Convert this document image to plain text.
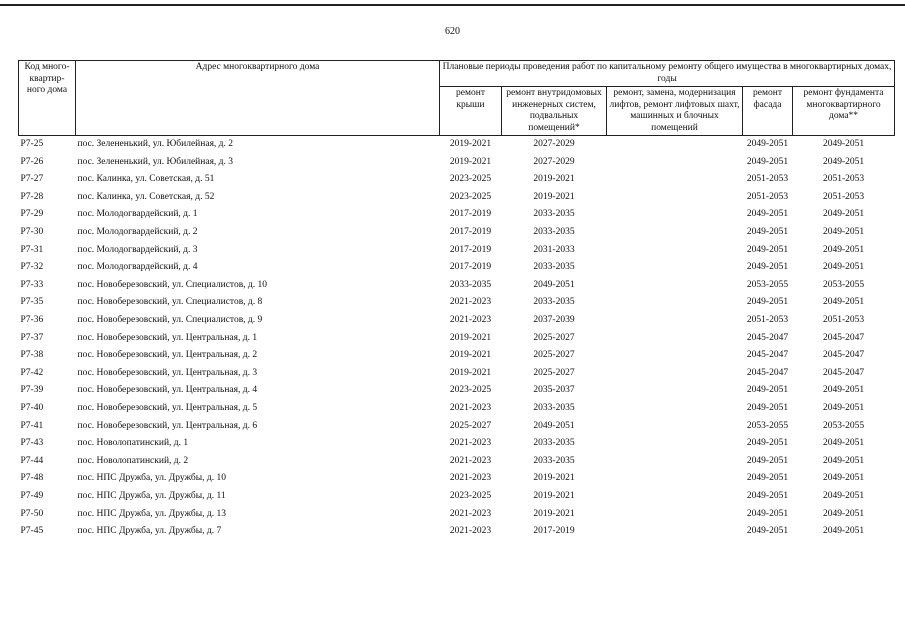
620
Код много-квартир-ного дома	Адрес многоквартирного дома	Плановые периоды проведения работ по капитальному ремонту общего имущества в многоквартирных домах, годы				
		ремонт крыши	ремонт внутридомовых инженерных систем, подвальных помещений*	ремонт, замена, модернизация лифтов, ремонт лифтовых шахт, машинных и блочных помещений	ремонт фасада	ремонт фундамента многоквартирного дома**

Р7-25	пос. Зелененький, ул. Юбилейная, д. 2	2019-2021	2027-2029		2049-2051	2049-2051
Р7-26	пос. Зелененький, ул. Юбилейная, д. 3	2019-2021	2027-2029		2049-2051	2049-2051
Р7-27	пос. Калинка, ул. Советская, д. 51	2023-2025	2019-2021		2051-2053	2051-2053
Р7-28	пос. Калинка, ул. Советская, д. 52	2023-2025	2019-2021		2051-2053	2051-2053
Р7-29	пос. Молодогвардейский, д. 1	2017-2019	2033-2035		2049-2051	2049-2051
Р7-30	пос. Молодогвардейский, д. 2	2017-2019	2033-2035		2049-2051	2049-2051
Р7-31	пос. Молодогвардейский, д. 3	2017-2019	2031-2033		2049-2051	2049-2051
Р7-32	пос. Молодогвардейский, д. 4	2017-2019	2033-2035		2049-2051	2049-2051
Р7-33	пос. Новоберезовский, ул. Специалистов, д. 10	2033-2035	2049-2051		2053-2055	2053-2055
Р7-35	пос. Новоберезовский, ул. Специалистов, д. 8	2021-2023	2033-2035		2049-2051	2049-2051
Р7-36	пос. Новоберезовский, ул. Специалистов, д. 9	2021-2023	2037-2039		2051-2053	2051-2053
Р7-37	пос. Новоберезовский, ул. Центральная, д. 1	2019-2021	2025-2027		2045-2047	2045-2047
Р7-38	пос. Новоберезовский, ул. Центральная, д. 2	2019-2021	2025-2027		2045-2047	2045-2047
Р7-42	пос. Новоберезовский, ул. Центральная, д. 3	2019-2021	2025-2027		2045-2047	2045-2047
Р7-39	пос. Новоберезовский, ул. Центральная, д. 4	2023-2025	2035-2037		2049-2051	2049-2051
Р7-40	пос. Новоберезовский, ул. Центральная, д. 5	2021-2023	2033-2035		2049-2051	2049-2051
Р7-41	пос. Новоберезовский, ул. Центральная, д. 6	2025-2027	2049-2051		2053-2055	2053-2055
Р7-43	пос. Новолопатинский, д. 1	2021-2023	2033-2035		2049-2051	2049-2051
Р7-44	пос. Новолопатинский, д. 2	2021-2023	2033-2035		2049-2051	2049-2051
Р7-48	пос. НПС Дружба, ул. Дружбы, д. 10	2021-2023	2019-2021		2049-2051	2049-2051
Р7-49	пос. НПС Дружба, ул. Дружбы, д. 11	2023-2025	2019-2021		2049-2051	2049-2051
Р7-50	пос. НПС Дружба, ул. Дружбы, д. 13	2021-2023	2019-2021		2049-2051	2049-2051
Р7-45	пос. НПС Дружба, ул. Дружбы, д. 7	2021-2023	2017-2019		2049-2051	2049-2051
